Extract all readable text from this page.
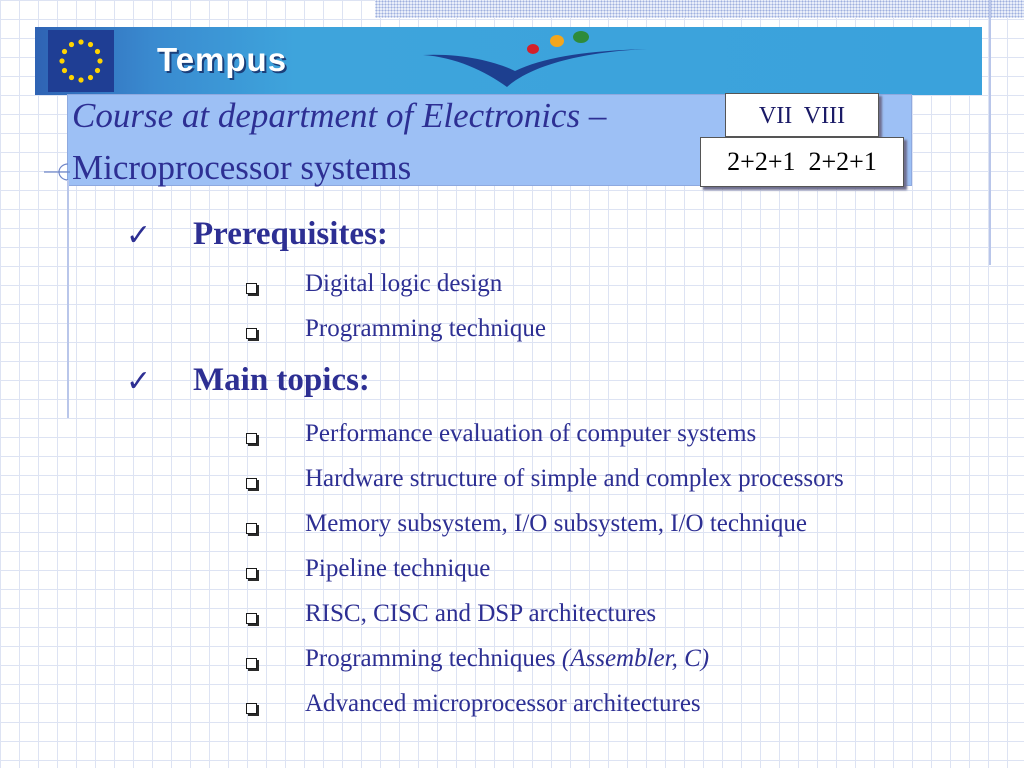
Tempus
Course at department of Electronics –
Microprocessor systems
VII  VIII
2+2+1  2+2+1
✓ Prerequisites:
Digital logic design
Programming technique
✓ Main topics:
Performance evaluation of computer systems
Hardware structure of simple and complex processors
Memory subsystem, I/O subsystem, I/O technique
Pipeline technique
RISC, CISC and DSP architectures
Programming techniques (Assembler, C)
Advanced microprocessor architectures
